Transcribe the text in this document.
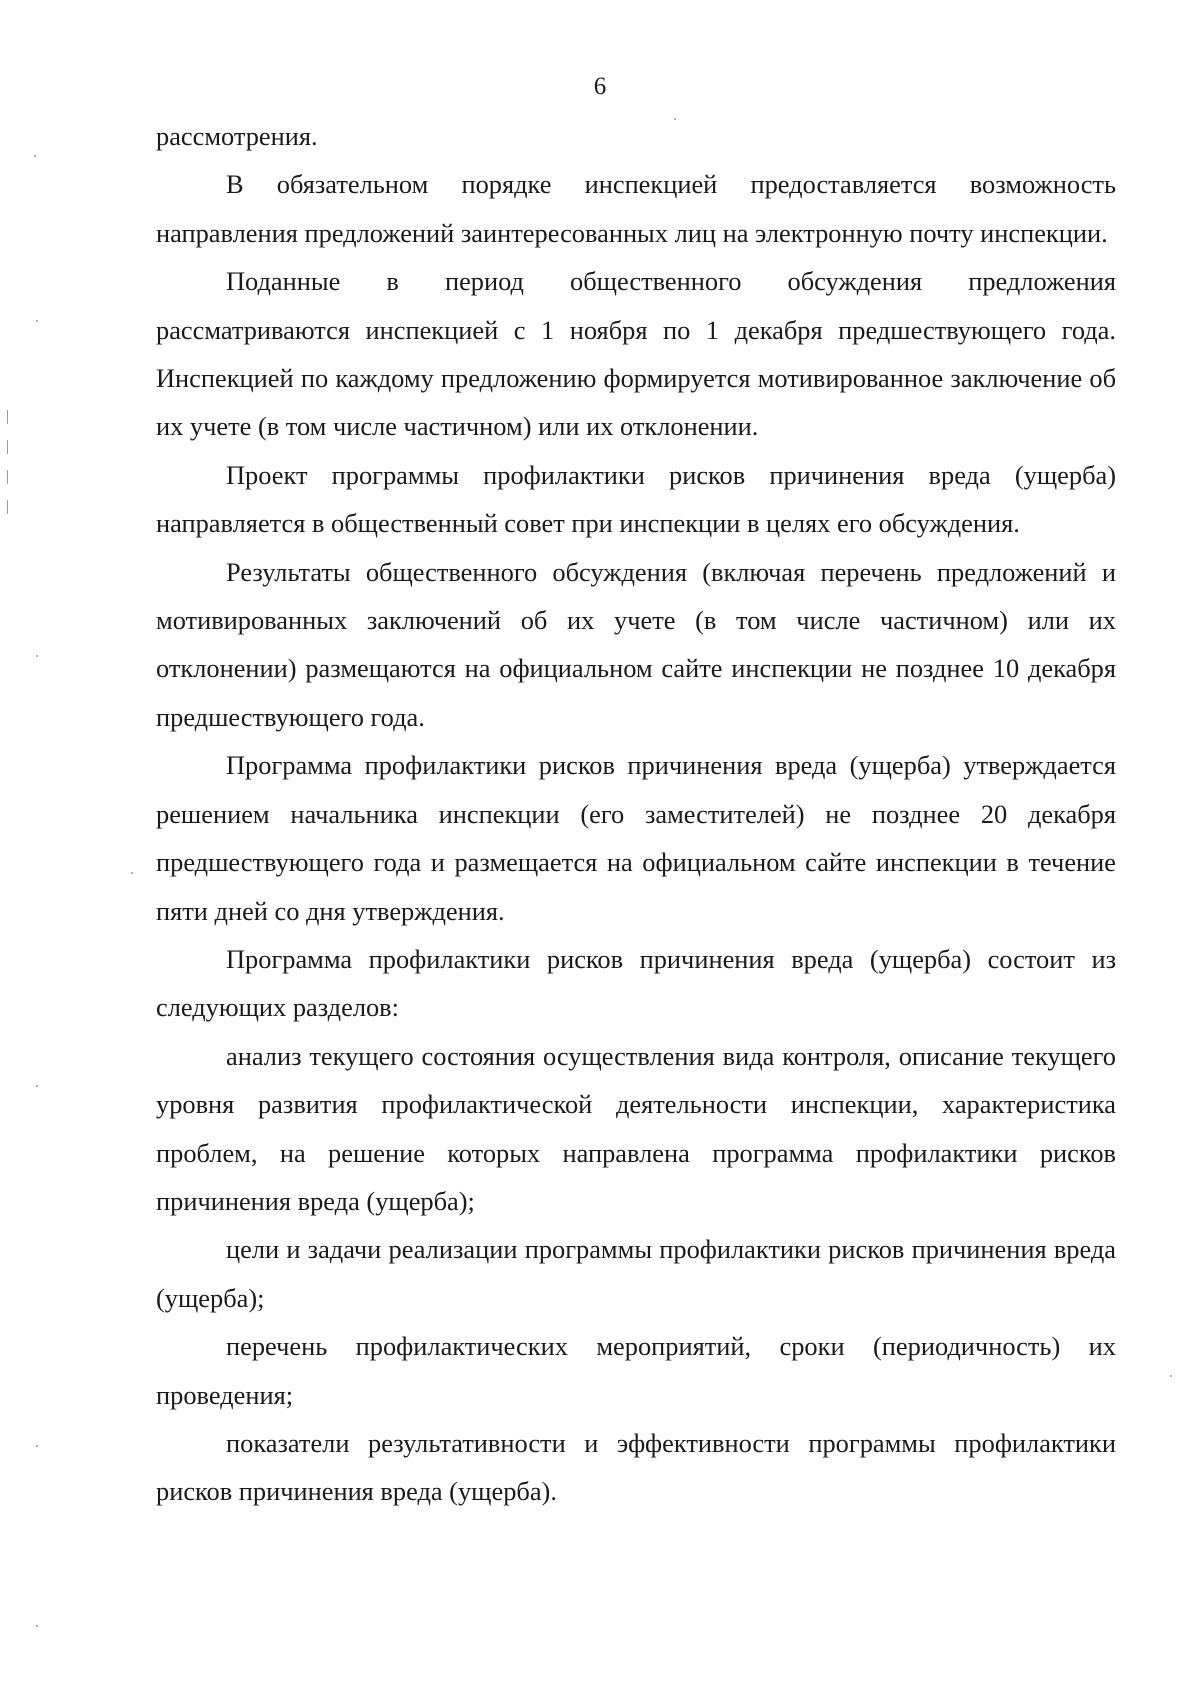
6

рассмотрения.

В обязательном порядке инспекцией предоставляется возможность направления предложений заинтересованных лиц на электронную почту инспекции.

Поданные в период общественного обсуждения предложения рассматриваются инспекцией с 1 ноября по 1 декабря предшествующего года. Инспекцией по каждому предложению формируется мотивированное заключение об их учете (в том числе частичном) или их отклонении.

Проект программы профилактики рисков причинения вреда (ущерба) направляется в общественный совет при инспекции в целях его обсуждения.

Результаты общественного обсуждения (включая перечень предложений и мотивированных заключений об их учете (в том числе частичном) или их отклонении) размещаются на официальном сайте инспекции не позднее 10 декабря предшествующего года.

Программа профилактики рисков причинения вреда (ущерба) утверждается решением начальника инспекции (его заместителей) не позднее 20 декабря предшествующего года и размещается на официальном сайте инспекции в течение пяти дней со дня утверждения.

Программа профилактики рисков причинения вреда (ущерба) состоит из следующих разделов:

анализ текущего состояния осуществления вида контроля, описание текущего уровня развития профилактической деятельности инспекции, характеристика проблем, на решение которых направлена программа профилактики рисков причинения вреда (ущерба);

цели и задачи реализации программы профилактики рисков причинения вреда (ущерба);

перечень профилактических мероприятий, сроки (периодичность) их проведения;

показатели результативности и эффективности программы профилактики рисков причинения вреда (ущерба).
